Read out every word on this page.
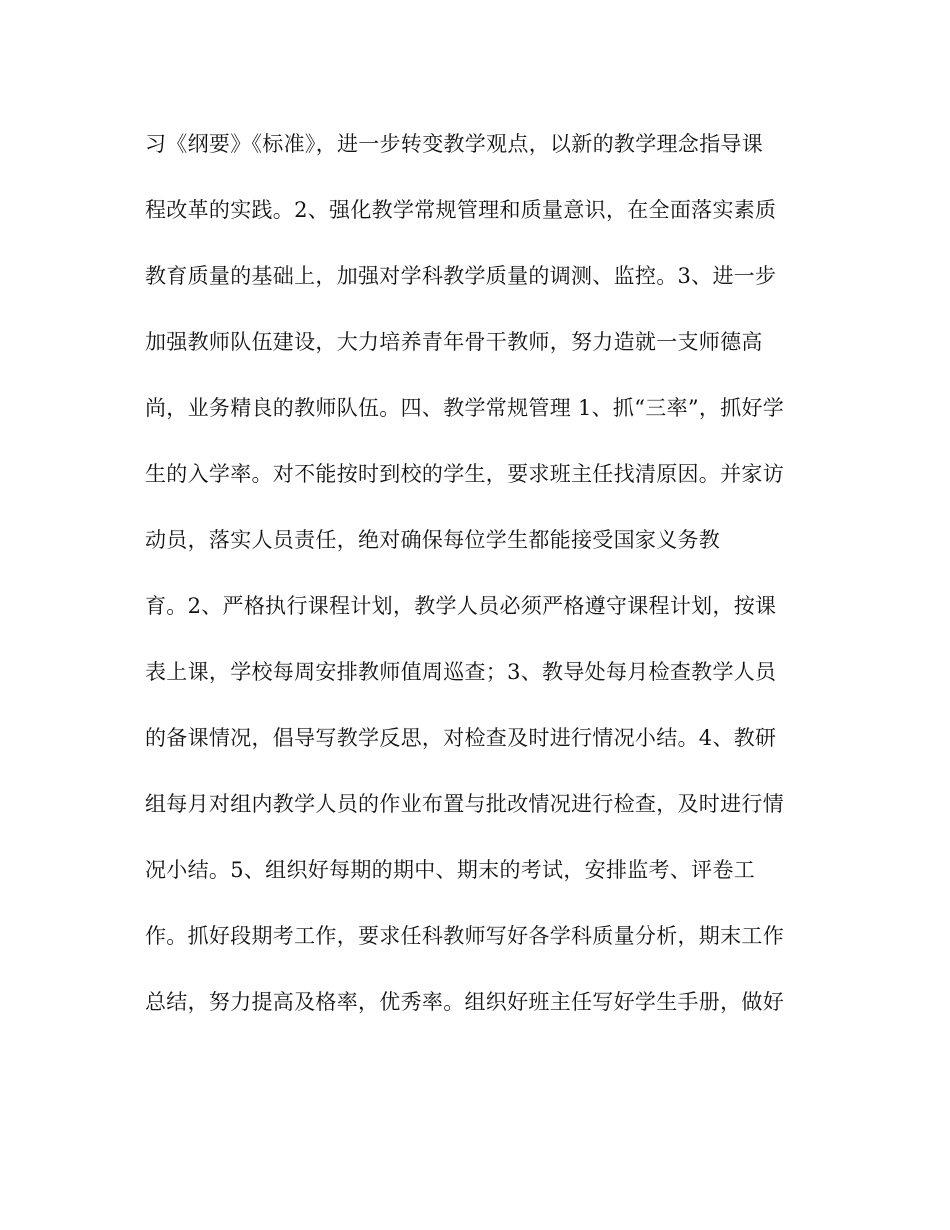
习《纲要》《标准》，进一步转变教学观点，以新的教学理念指导课
程改革的实践。2、强化教学常规管理和质量意识，在全面落实素质
教育质量的基础上，加强对学科教学质量的调测、监控。3、进一步
加强教师队伍建设，大力培养青年骨干教师，努力造就一支师德高
尚，业务精良的教师队伍。四、教学常规管理 1、抓“三率”，抓好学
生的入学率。对不能按时到校的学生，要求班主任找清原因。并家访
动员，落实人员责任，绝对确保每位学生都能接受国家义务教
育。2、严格执行课程计划，教学人员必须严格遵守课程计划，按课
表上课，学校每周安排教师值周巡查；3、教导处每月检查教学人员
的备课情况，倡导写教学反思，对检查及时进行情况小结。4、教研
组每月对组内教学人员的作业布置与批改情况进行检查，及时进行情
况小结。5、组织好每期的期中、期末的考试，安排监考、评卷工
作。抓好段期考工作，要求任科教师写好各学科质量分析，期末工作
总结，努力提高及格率，优秀率。组织好班主任写好学生手册，做好
